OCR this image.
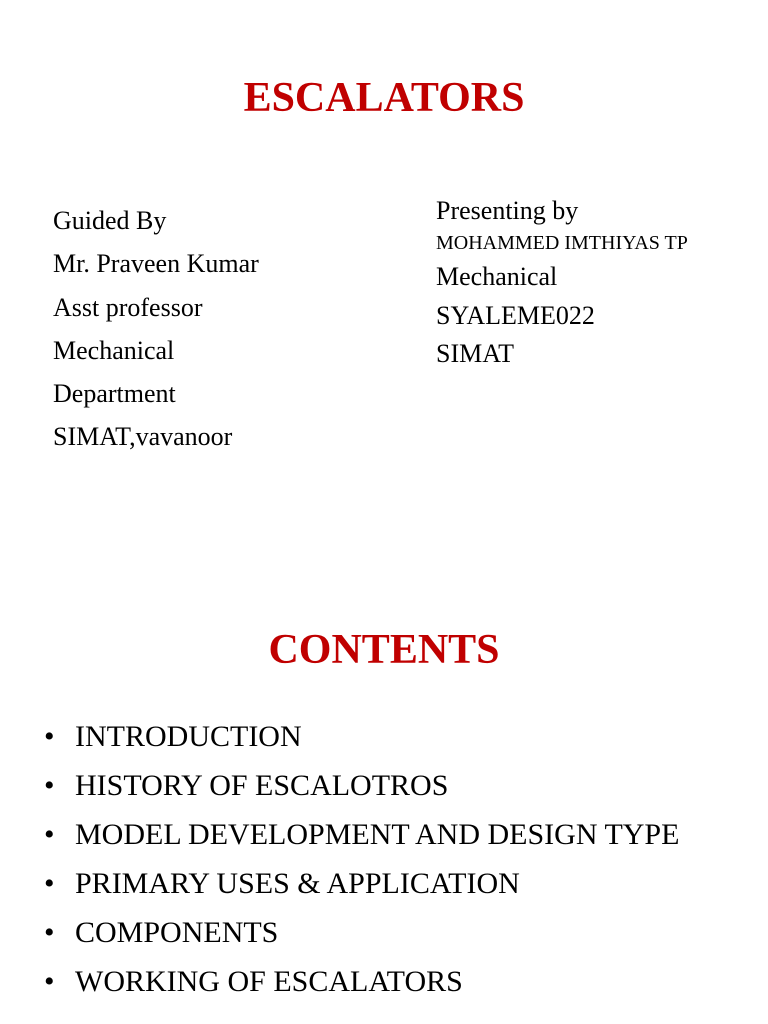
ESCALATORS
Guided By
Mr. Praveen Kumar
Asst professor
Mechanical
Department
SIMAT,vavanoor
Presenting by
MOHAMMED IMTHIYAS TP
Mechanical
SYALEME022
SIMAT
CONTENTS
• INTRODUCTION
• HISTORY OF ESCALOTROS
• MODEL DEVELOPMENT AND DESIGN TYPE
• PRIMARY USES & APPLICATION
• COMPONENTS
• WORKING OF ESCALATORS
